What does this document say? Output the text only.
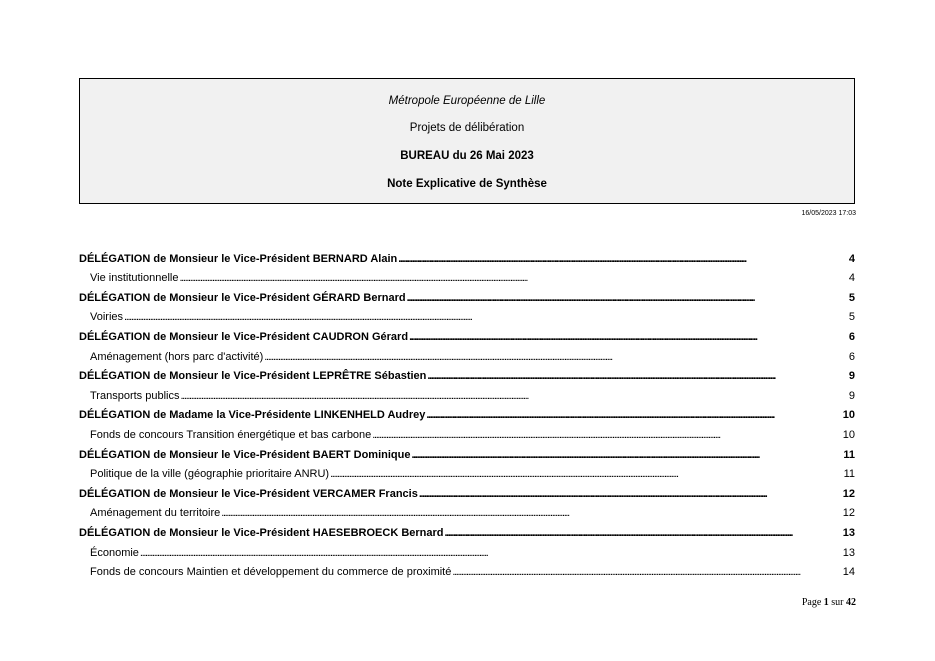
Métropole Européenne de Lille
Projets de délibération
BUREAU du 26 Mai 2023
Note Explicative de Synthèse
16/05/2023 17:03
DÉLÉGATION de Monsieur le Vice-Président BERNARD Alain . . .	4
Vie institutionnelle . . .	4
DÉLÉGATION de Monsieur le Vice-Président GÉRARD Bernard . . .	5
Voiries . . .	5
DÉLÉGATION de Monsieur le Vice-Président CAUDRON Gérard . . .	6
Aménagement (hors parc d'activité) . . .	6
DÉLÉGATION de Monsieur le Vice-Président LEPRÊTRE Sébastien . . .	9
Transports publics . . .	9
DÉLÉGATION de Madame la Vice-Présidente LINKENHELD Audrey . . .	10
Fonds de concours Transition énergétique et bas carbone . . .	10
DÉLÉGATION de Monsieur le Vice-Président BAERT Dominique . . .	11
Politique de la ville (géographie prioritaire ANRU) . . .	11
DÉLÉGATION de Monsieur le Vice-Président VERCAMER Francis . . .	12
Aménagement du territoire . . .	12
DÉLÉGATION de Monsieur le Vice-Président HAESEBROECK Bernard . . .	13
Économie . . .	13
Fonds de concours Maintien et développement du commerce de proximité . . .	14
Page 1 sur 42
